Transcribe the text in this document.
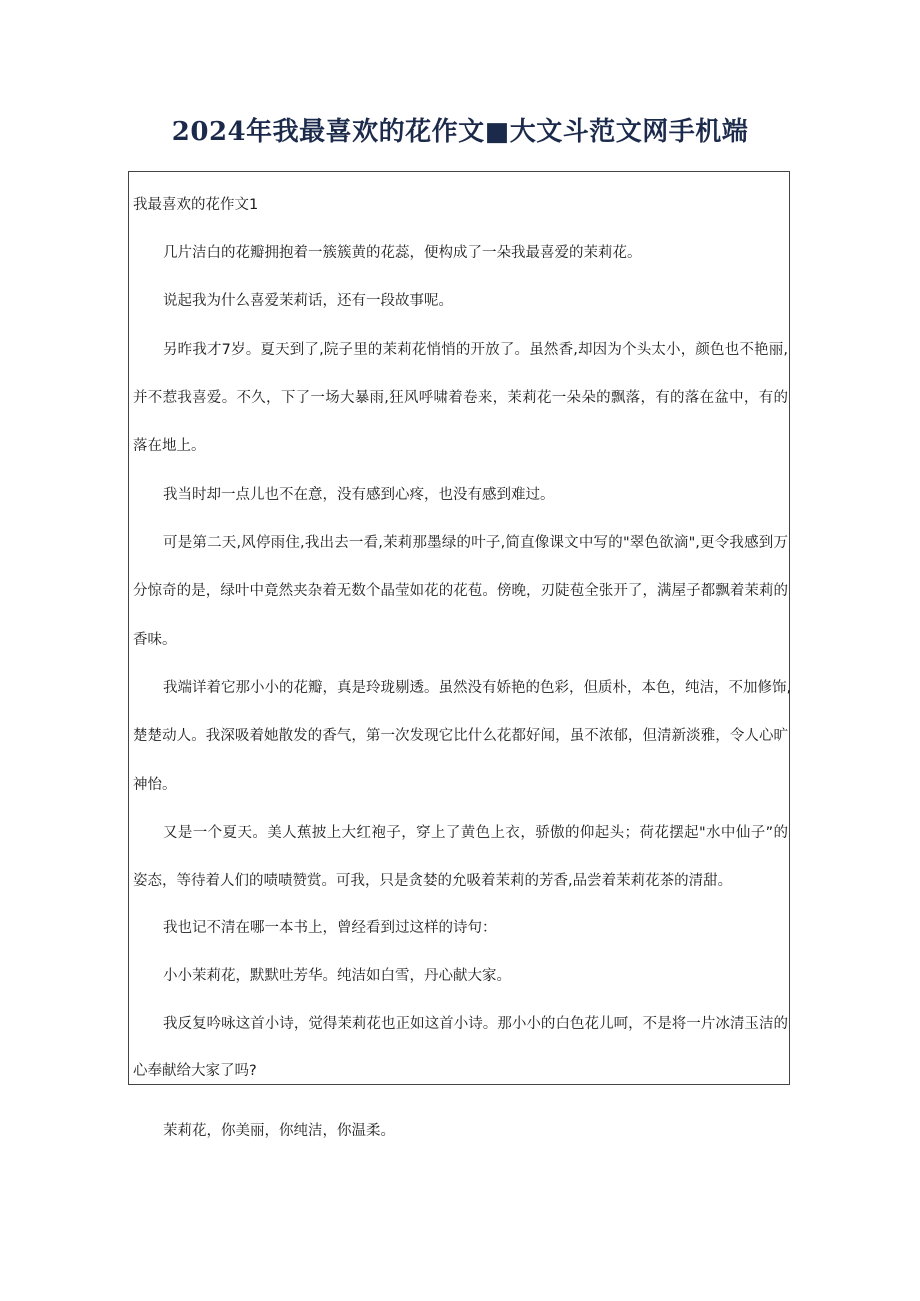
2024年我最喜欢的花作文■大文斗范文网手机端
我最喜欢的花作文1
几片洁白的花瓣拥抱着一簇簇黄的花蕊，便构成了一朵我最喜爱的茉莉花。
说起我为什么喜爱茉莉话，还有一段故事呢。
另昨我才7岁。夏天到了,院子里的茉莉花悄悄的开放了。虽然香,却因为个头太小，颜色也不艳丽,
并不惹我喜爱。不久，下了一场大暴雨,狂风呼啸着卷来，茉莉花一朵朵的飘落，有的落在盆中，有的
落在地上。
我当时却一点儿也不在意，没有感到心疼，也没有感到难过。
可是第二天,风停雨住,我出去一看,茉莉那墨绿的叶子,简直像课文中写的"翠色欲滴",更令我感到万
分惊奇的是，绿叶中竟然夹杂着无数个晶莹如花的花苞。傍晚，刃陡苞全张开了，满屋子都飘着茉莉的
香味。
我端详着它那小小的花瓣，真是玲珑剔透。虽然没有娇艳的色彩，但质朴，本色，纯洁，不加修饰,
楚楚动人。我深吸着她散发的香气，第一次发现它比什么花都好闻，虽不浓郁，但清新淡雅，令人心旷
神怡。
又是一个夏天。美人蕉披上大红袍子，穿上了黄色上衣，骄傲的仰起头；荷花摆起"水中仙子”的
姿态，等待着人们的啧啧赞赏。可我，只是贪婪的允吸着茉莉的芳香,品尝着茉莉花茶的清甜。
我也记不清在哪一本书上，曾经看到过这样的诗句：
小小茉莉花，默默吐芳华。纯洁如白雪，丹心献大家。
我反复吟咏这首小诗，觉得茉莉花也正如这首小诗。那小小的白色花儿呵，不是将一片冰清玉洁的
心奉献给大家了吗?
茉莉花，你美丽，你纯洁，你温柔。
